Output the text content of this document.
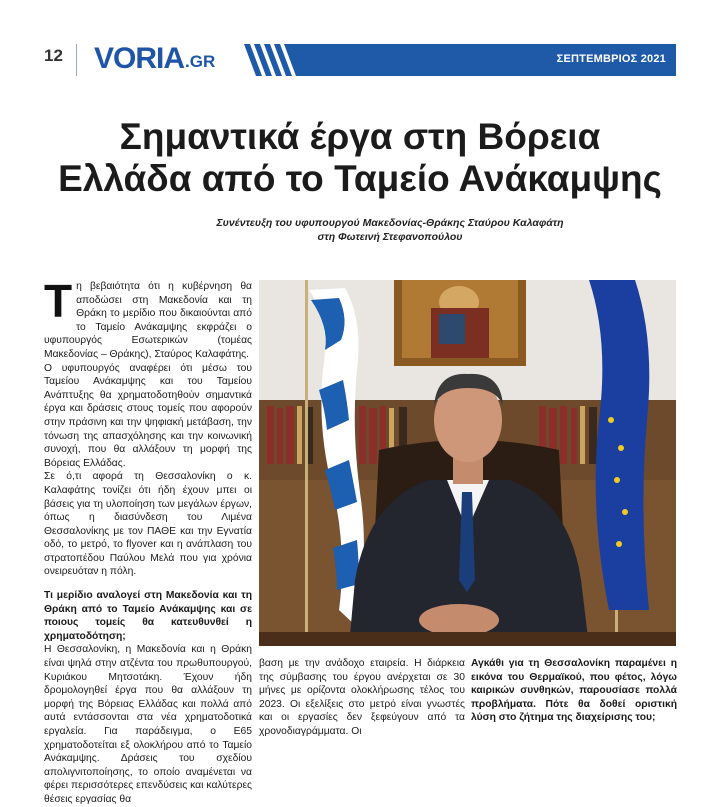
12 $VORIA^{.GR}$	ΣΕΠΤΕΜΒΡΙΟΣ 2021
Σημαντικά έργα στη Βόρεια
Ελλάδα από το Ταμείο Ανάκαμψης
Συνέντευξη του υφυπουργού Μακεδονίας-Θράκης Σταύρου Καλαφάτη
στη Φωτεινή Στεφανοπούλου

Τη βεβαιότητα ότι η κυβέρνηση θα αποδώσει στη Μακεδονία και τη Θράκη το μερίδιο που δικαιούνται από το Ταμείο Ανάκαμψης εκφράζει ο υφυπουργός Εσωτερικών (τομέας Μακεδονίας – Θράκης), Σταύρος Καλαφάτης.

Ο υφυπουργός αναφέρει ότι μέσω του Ταμείου Ανάκαμψης και του Ταμείου Ανάπτυξης θα χρηματοδοτηθούν σημαντικά έργα και δράσεις στους τομείς που αφορούν στην πράσινη και την ψηφιακή μετάβαση, την τόνωση της απασχόλησης και την κοινωνική συνοχή, που θα αλλάξουν τη μορφή της Βόρειας Ελλάδας.

Σε ό,τι αφορά τη Θεσσαλονίκη ο κ. Καλαφάτης τονίζει ότι ήδη έχουν μπει οι βάσεις για τη υλοποίηση των μεγάλων έργων, όπως η διασύνδεση του Λιμένα Θεσσαλονίκης με τον ΠΑΘΕ και την Εγνατία οδό, το μετρό, το flyover και η ανάπλαση του στρατοπέδου Παύλου Μελά που για χρόνια ονειρευόταν η πόλη.

Τι μερίδιο αναλογεί στη Μακεδονία και τη Θράκη από το Ταμείο Ανάκαμψης και σε ποιους τομείς θα κατευθυνθεί η χρηματοδότηση;

Η Θεσσαλονίκη, η Μακεδονία και η Θράκη είναι ψηλά στην ατζέντα του πρωθυπουργού, Κυριάκου Μητσοτάκη. Έχουν ήδη δρομολογηθεί έργα που θα αλλάξουν τη μορφή της Βόρειας Ελλάδας και πολλά από αυτά εντάσσονται στα νέα χρηματοδοτικά εργαλεία. Για παράδειγμα, ο Ε65 χρηματοδοτείται εξ ολοκλήρου από το Ταμείο Ανάκαμψης. Δράσεις του σχεδίου απολιγνιτοποίησης, το οποίο αναμένεται να φέρει περισσότερες επενδύσεις και καλύτερες θέσεις εργασίας θα

βαση με την ανάδοχο εταιρεία. Η διάρκεια της σύμβασης του έργου ανέρχεται σε 30 μήνες με ορίζοντα ολοκλήρωσης τέλος του 2023. Οι εξελίξεις στο μετρό είναι γνωστές και οι εργασίες δεν ξεφεύγουν από τα χρονοδιαγράμματα. Οι
Αγκάθι για τη Θεσσαλονίκη παραμένει η εικόνα του Θερμαϊκού, που φέτος, λόγω καιρικών συνθηκών, παρουσίασε πολλά προβλήματα. Πότε θα δοθεί οριστική λύση στο ζήτημα της διαχείρισης του;
